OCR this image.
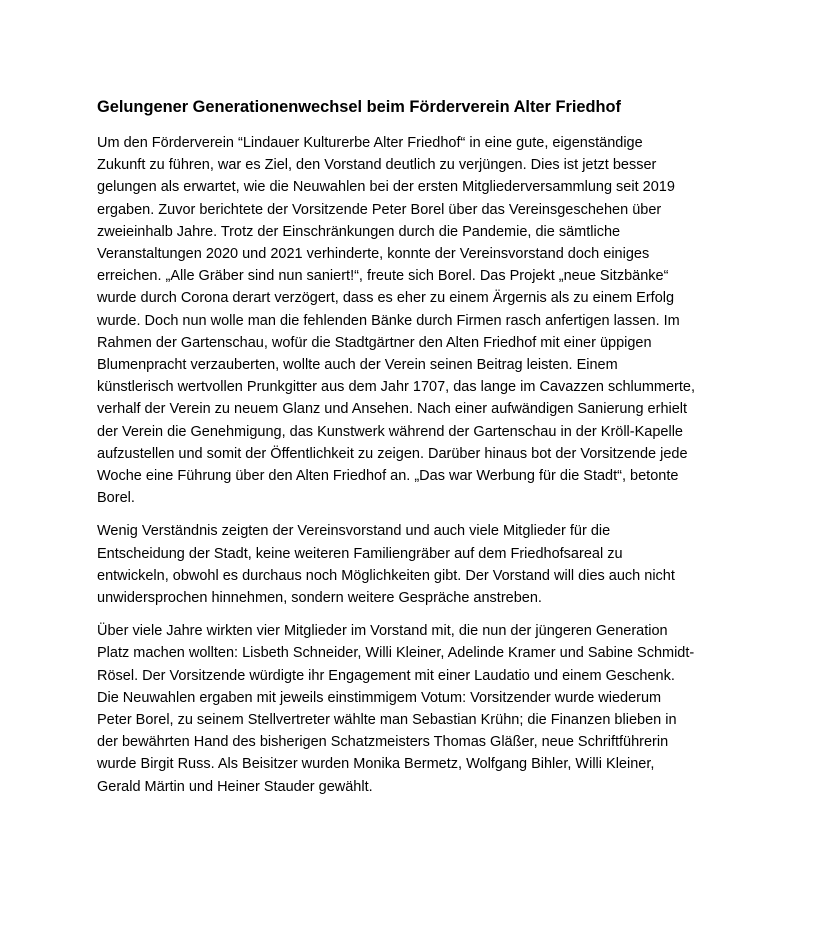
Gelungener Generationenwechsel beim Förderverein Alter Friedhof
Um den Förderverein “Lindauer Kulturerbe Alter Friedhof“ in eine gute, eigenständige
Zukunft zu führen, war es Ziel, den Vorstand deutlich zu verjüngen. Dies ist jetzt besser
gelungen als erwartet, wie die Neuwahlen bei der ersten Mitgliederversammlung seit 2019
ergaben. Zuvor berichtete der Vorsitzende Peter Borel über das Vereinsgeschehen über
zweieinhalb Jahre. Trotz der Einschränkungen durch die Pandemie, die sämtliche
Veranstaltungen 2020 und 2021 verhinderte, konnte der Vereinsvorstand doch einiges
erreichen. „Alle Gräber sind nun saniert!“, freute sich Borel. Das Projekt „neue Sitzbänke“
wurde durch Corona derart verzögert, dass es eher zu einem Ärgernis als zu einem Erfolg
wurde. Doch nun wolle man die fehlenden Bänke durch Firmen rasch anfertigen lassen. Im
Rahmen der Gartenschau, wofür die Stadtgärtner den Alten Friedhof mit einer üppigen
Blumenpracht verzauberten, wollte auch der Verein seinen Beitrag leisten. Einem
künstlerisch wertvollen Prunkgitter aus dem Jahr 1707, das lange im Cavazzen schlummerte,
verhalf der Verein zu neuem Glanz und Ansehen. Nach einer aufwändigen Sanierung erhielt
der Verein die Genehmigung, das Kunstwerk während der Gartenschau in der Kröll-Kapelle
aufzustellen und somit der Öffentlichkeit zu zeigen. Darüber hinaus bot der Vorsitzende jede
Woche eine Führung über den Alten Friedhof an. „Das war Werbung für die Stadt“, betonte
Borel.
Wenig Verständnis zeigten der Vereinsvorstand und auch viele Mitglieder für die
Entscheidung der Stadt, keine weiteren Familiengräber auf dem Friedhofsareal zu
entwickeln, obwohl es durchaus noch Möglichkeiten gibt. Der Vorstand will dies auch nicht
unwidersprochen hinnehmen, sondern weitere Gespräche anstreben.
Über viele Jahre wirkten vier Mitglieder im Vorstand mit, die nun der jüngeren Generation
Platz machen wollten: Lisbeth Schneider, Willi Kleiner, Adelinde Kramer und Sabine Schmidt-
Rösel. Der Vorsitzende würdigte ihr Engagement mit einer Laudatio und einem Geschenk.
Die Neuwahlen ergaben mit jeweils einstimmigem Votum: Vorsitzender wurde wiederum
Peter Borel, zu seinem Stellvertreter wählte man Sebastian Krühn; die Finanzen blieben in
der bewährten Hand des bisherigen Schatzmeisters Thomas Gläßer, neue Schriftführerin
wurde Birgit Russ. Als Beisitzer wurden Monika Bermetz, Wolfgang Bihler, Willi Kleiner,
Gerald Märtin und Heiner Stauder gewählt.
